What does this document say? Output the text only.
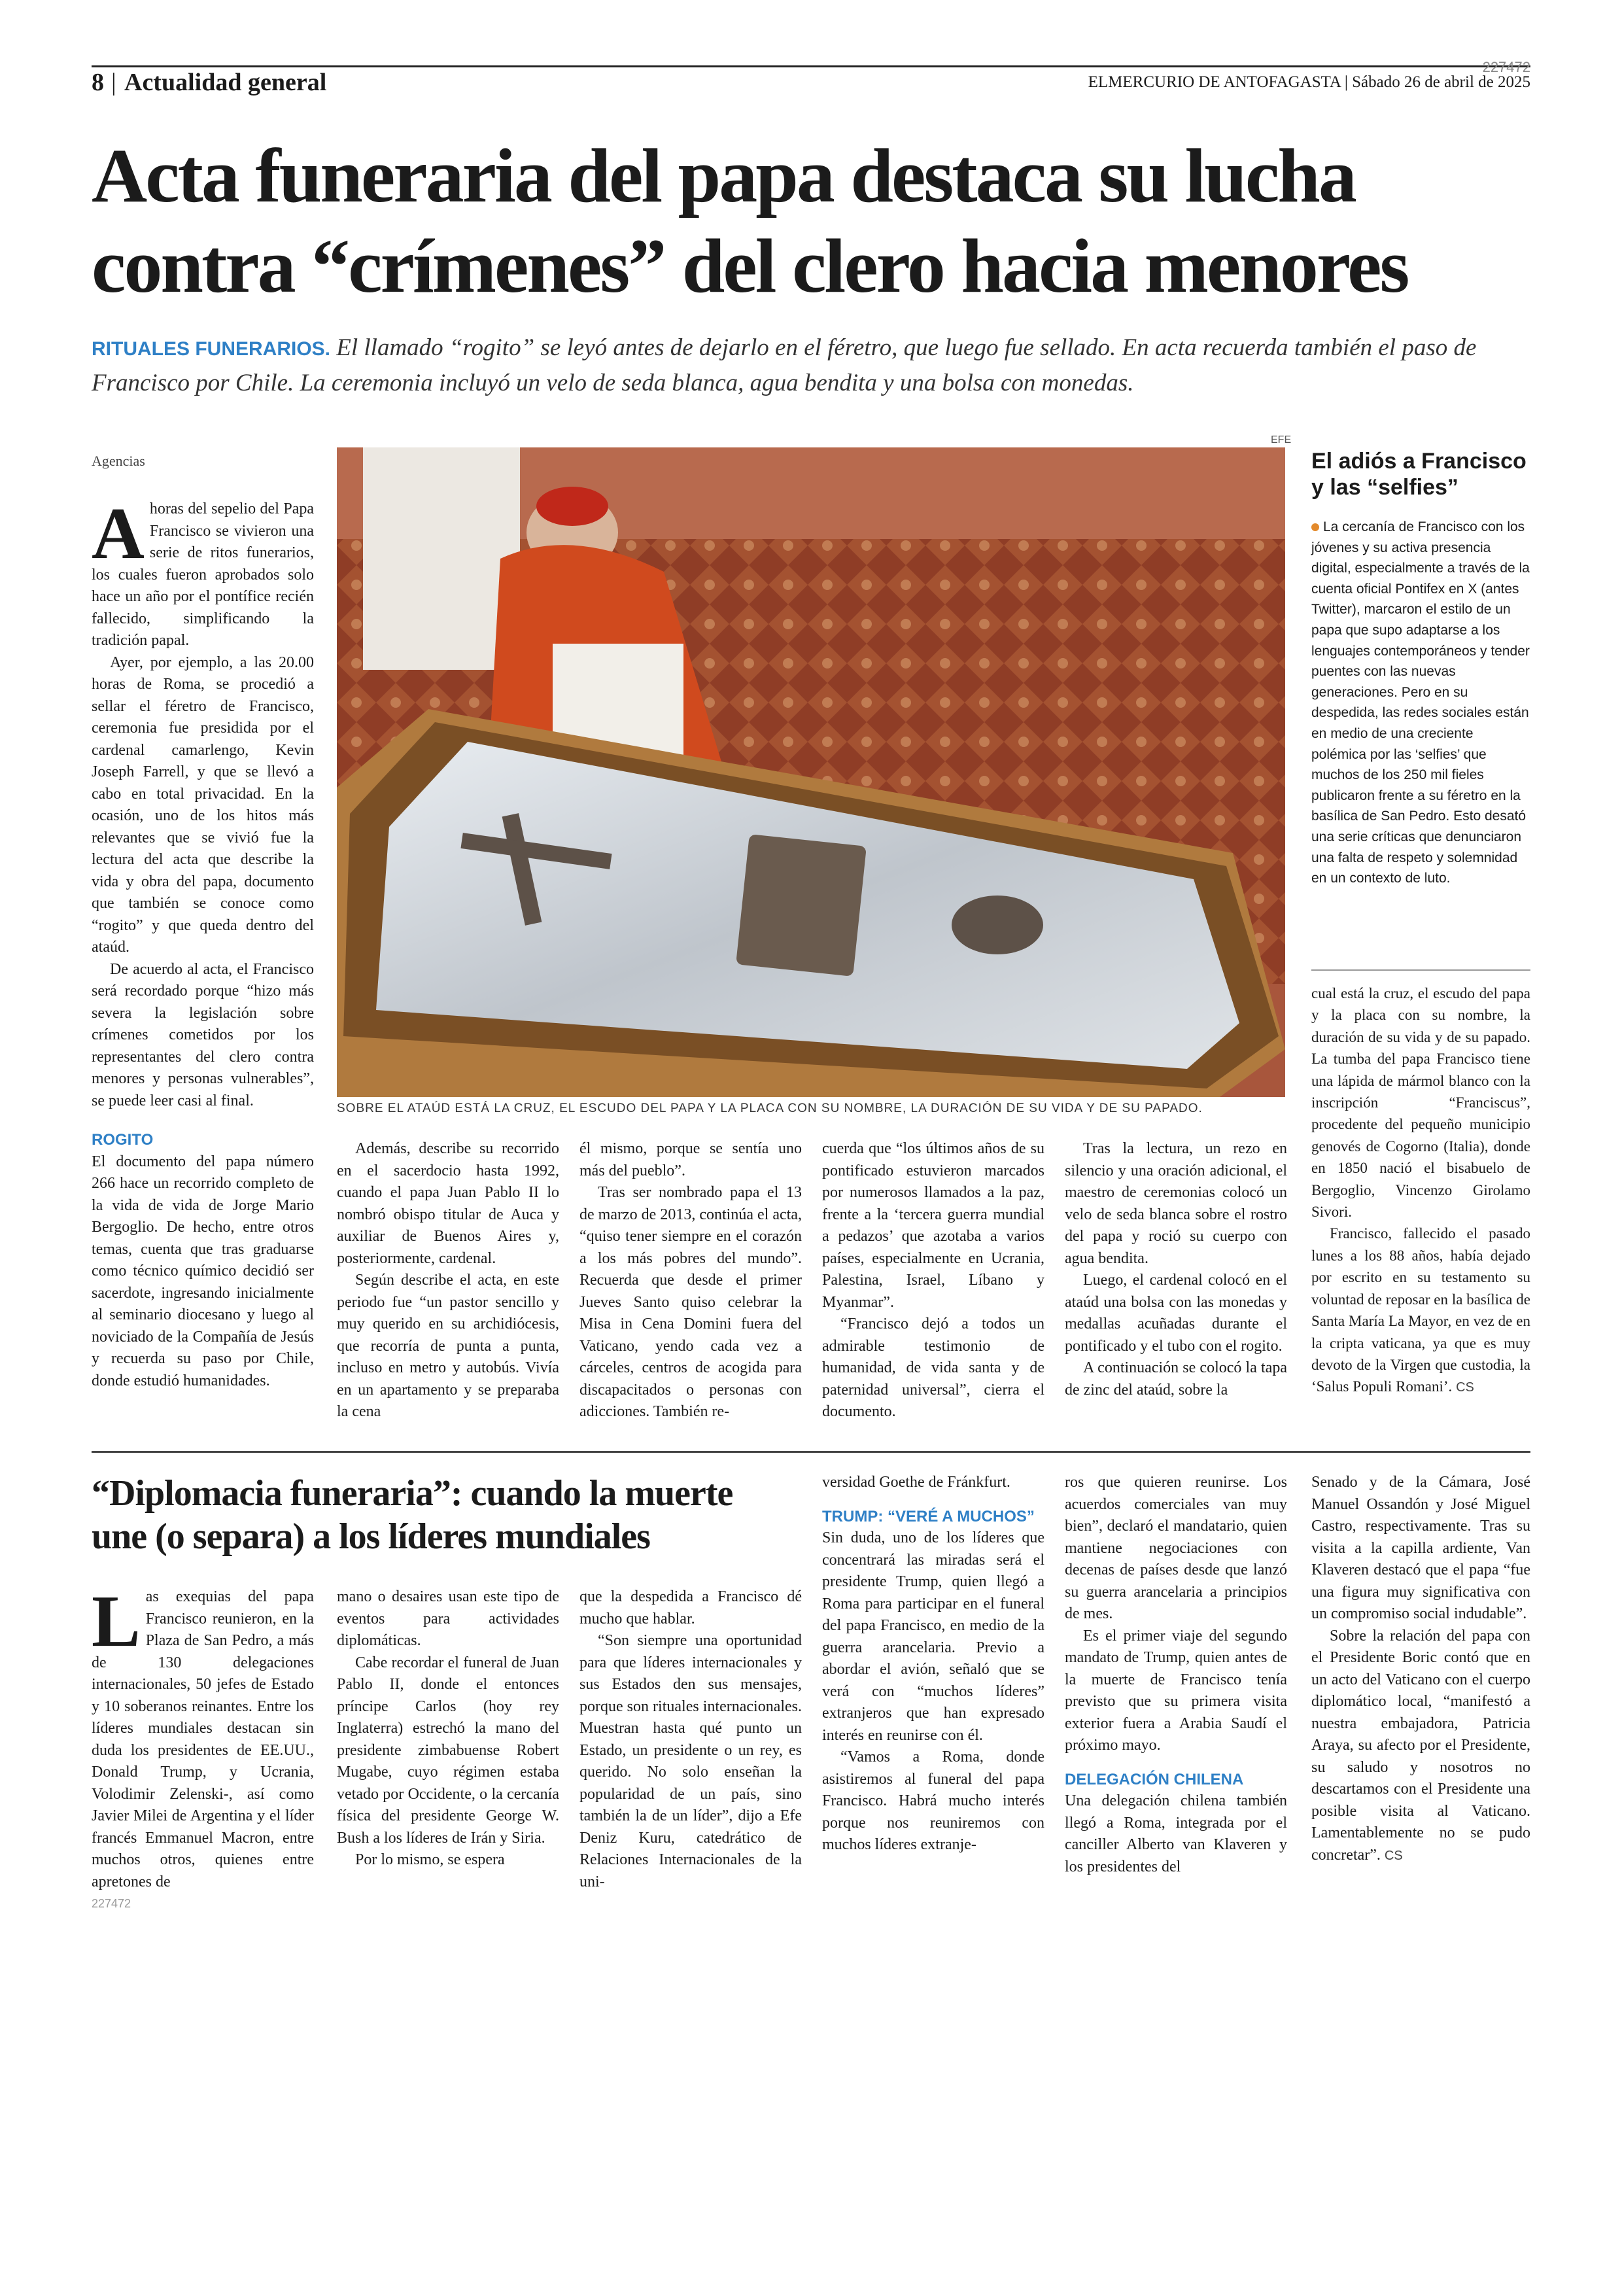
8 | Actualidad general
227472
ELMERCURIO DE ANTOFAGASTA | Sábado 26 de abril de 2025
Acta funeraria del papa destaca su lucha contra “crímenes” del clero hacia menores
RITUALES FUNERARIOS. El llamado “rogito” se leyó antes de dejarlo en el féretro, que luego fue sellado. En acta recuerda también el paso de Francisco por Chile. La ceremonia incluyó un velo de seda blanca, agua bendita y una bolsa con monedas.
Agencias

Ahoras del sepelio del Papa Francisco se vivieron una serie de ritos funerarios, los cuales fueron aprobados solo hace un año por el pontífice recién fallecido, simplificando la tradición papal.

Ayer, por ejemplo, a las 20.00 horas de Roma, se procedió a sellar el féretro de Francisco, ceremonia fue presidida por el cardenal camarlengo, Kevin Joseph Farrell, y que se llevó a cabo en total privacidad. En la ocasión, uno de los hitos más relevantes que se vivió fue la lectura del acta que describe la vida y obra del papa, documento que también se conoce como “rogito” y que queda dentro del ataúd.

De acuerdo al acta, el Francisco será recordado porque “hizo más severa la legislación sobre crímenes cometidos por los representantes del clero contra menores y personas vulnerables”, se puede leer casi al final.

ROGITO

El documento del papa número 266 hace un recorrido completo de la vida de vida de Jorge Mario Bergoglio. De hecho, entre otros temas, cuenta que tras graduarse como técnico químico decidió ser sacerdote, ingresando inicialmente al seminario diocesano y luego al noviciado de la Compañía de Jesús y recuerda su paso por Chile, donde estudió humanidades.

EFE
SOBRE EL ATAÚD ESTÁ LA CRUZ, EL ESCUDO DEL PAPA Y LA PLACA CON SU NOMBRE, LA DURACIÓN DE SU VIDA Y DE SU PAPADO.
El adiós a Francisco y las “selfies”
La cercanía de Francisco con los jóvenes y su activa presencia digital, especialmente a través de la cuenta oficial Pontifex en X (antes Twitter), marcaron el estilo de un papa que supo adaptarse a los lenguajes contemporáneos y tender puentes con las nuevas generaciones. Pero en su despedida, las redes sociales están en medio de una creciente polémica por las ‘selfies’ que muchos de los 250 mil fieles publicaron frente a su féretro en la basílica de San Pedro. Esto desató una serie críticas que denunciaron una falta de respeto y solemnidad en un contexto de luto.

cual está la cruz, el escudo del papa y la placa con su nombre, la duración de su vida y de su papado. La tumba del papa Francisco tiene una lápida de mármol blanco con la inscripción “Franciscus”, procedente del pequeño municipio genovés de Cogorno (Italia), donde en 1850 nació el bisabuelo de Bergoglio, Vincenzo Girolamo Sivori.

Francisco, fallecido el pasado lunes a los 88 años, había dejado por escrito en su testamento su voluntad de reposar en la basílica de Santa María La Mayor, en vez de en la cripta vaticana, ya que es muy devoto de la Virgen que custodia, la ‘Salus Populi Romani’. CS

Además, describe su recorrido en el sacerdocio hasta 1992, cuando el papa Juan Pablo II lo nombró obispo titular de Auca y auxiliar de Buenos Aires y, posteriormente, cardenal.

Según describe el acta, en este periodo fue “un pastor sencillo y muy querido en su archidiócesis, que recorría de punta a punta, incluso en metro y autobús. Vivía en un apartamento y se preparaba la cena

él mismo, porque se sentía uno más del pueblo”.

Tras ser nombrado papa el 13 de marzo de 2013, continúa el acta, “quiso tener siempre en el corazón a los más pobres del mundo”. Recuerda que desde el primer Jueves Santo quiso celebrar la Misa in Cena Domini fuera del Vaticano, yendo cada vez a cárceles, centros de acogida para discapacitados o personas con adicciones. También re-

cuerda que “los últimos años de su pontificado estuvieron marcados por numerosos llamados a la paz, frente a la ‘tercera guerra mundial a pedazos’ que azotaba a varios países, especialmente en Ucrania, Palestina, Israel, Líbano y Myanmar”.

“Francisco dejó a todos un admirable testimonio de humanidad, de vida santa y de paternidad universal”, cierra el documento.

Tras la lectura, un rezo en silencio y una oración adicional, el maestro de ceremonias colocó un velo de seda blanca sobre el rostro del papa y roció su cuerpo con agua bendita.

Luego, el cardenal colocó en el ataúd una bolsa con las monedas y medallas acuñadas durante el pontificado y el tubo con el rogito.

A continuación se colocó la tapa de zinc del ataúd, sobre la

“Diplomacia funeraria”: cuando la muerte une (o separa) a los líderes mundiales

Las exequias del papa Francisco reunieron, en la Plaza de San Pedro, a más de 130 delegaciones internacionales, 50 jefes de Estado y 10 soberanos reinantes. Entre los líderes mundiales destacan sin duda los presidentes de EE.UU., Donald Trump, y Ucrania, Volodimir Zelenski-, así como Javier Milei de Argentina y el líder francés Emmanuel Macron, entre muchos otros, quienes entre apretones de

227472

mano o desaires usan este tipo de eventos para actividades diplomáticas.

Cabe recordar el funeral de Juan Pablo II, donde el entonces príncipe Carlos (hoy rey Inglaterra) estrechó la mano del presidente zimbabuense Robert Mugabe, cuyo régimen estaba vetado por Occidente, o la cercanía física del presidente George W. Bush a los líderes de Irán y Siria.

Por lo mismo, se espera

que la despedida a Francisco dé mucho que hablar.

“Son siempre una oportunidad para que líderes internacionales y sus Estados den sus mensajes, porque son rituales internacionales. Muestran hasta qué punto un Estado, un presidente o un rey, es querido. No solo enseñan la popularidad de un país, sino también la de un líder”, dijo a Efe Deniz Kuru, catedrático de Relaciones Internacionales de la uni-

versidad Goethe de Fránkfurt.

TRUMP: “VERÉ A MUCHOS”

Sin duda, uno de los líderes que concentrará las miradas será el presidente Trump, quien llegó a Roma para participar en el funeral del papa Francisco, en medio de la guerra arancelaria. Previo a abordar el avión, señaló que se verá con “muchos líderes” extranjeros que han expresado interés en reunirse con él.

“Vamos a Roma, donde asistiremos al funeral del papa Francisco. Habrá mucho interés porque nos reuniremos con muchos líderes extranje-

ros que quieren reunirse. Los acuerdos comerciales van muy bien”, declaró el mandatario, quien mantiene negociaciones con decenas de países desde que lanzó su guerra arancelaria a principios de mes.

Es el primer viaje del segundo mandato de Trump, quien antes de la muerte de Francisco tenía previsto que su primera visita exterior fuera a Arabia Saudí el próximo mayo.

DELEGACIÓN CHILENA

Una delegación chilena también llegó a Roma, integrada por el canciller Alberto van Klaveren y los presidentes del

Senado y de la Cámara, José Manuel Ossandón y José Miguel Castro, respectivamente. Tras su visita a la capilla ardiente, Van Klaveren destacó que el papa “fue una figura muy significativa con un compromiso social indudable”.

Sobre la relación del papa con el Presidente Boric contó que en un acto del Vaticano con el cuerpo diplomático local, “manifestó a nuestra embajadora, Patricia Araya, su afecto por el Presidente, su saludo y nosotros no descartamos con el Presidente una posible visita al Vaticano. Lamentablemente no se pudo concretar”. CS
